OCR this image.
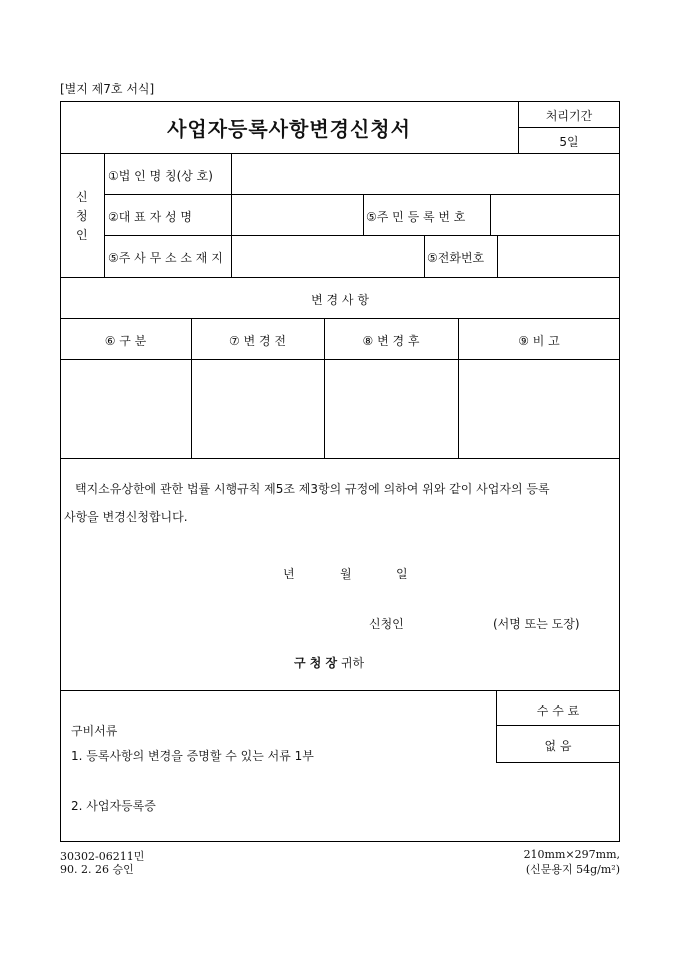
[별지 제7호 서식]
사업자등록사항변경신청서
처리기간
5일
신
청
인
①법 인 명 칭(상 호)
②대 표 자 성 명	⑤주 민 등 록 번 호
⑤주 사 무 소 소 재 지	⑤전화번호
변 경 사 항
⑥ 구 분	⑦ 변 경 전	⑧ 변 경 후	⑨ 비 고
택지소유상한에 관한 법률 시행규칙 제5조 제3항의 규정에 의하여 위와 같이 사업자의 등록
사항을 변경신청합니다.
년	월	일
신청인	(서명 또는 도장)
구 청 장 귀하
수 수 료
없 음
구비서류
1. 등록사항의 변경을 증명할 수 있는 서류 1부
2. 사업자등록증
30302-06211민
90. 2. 26 승인
210mm×297mm,
(신문용지 54g/m²)
